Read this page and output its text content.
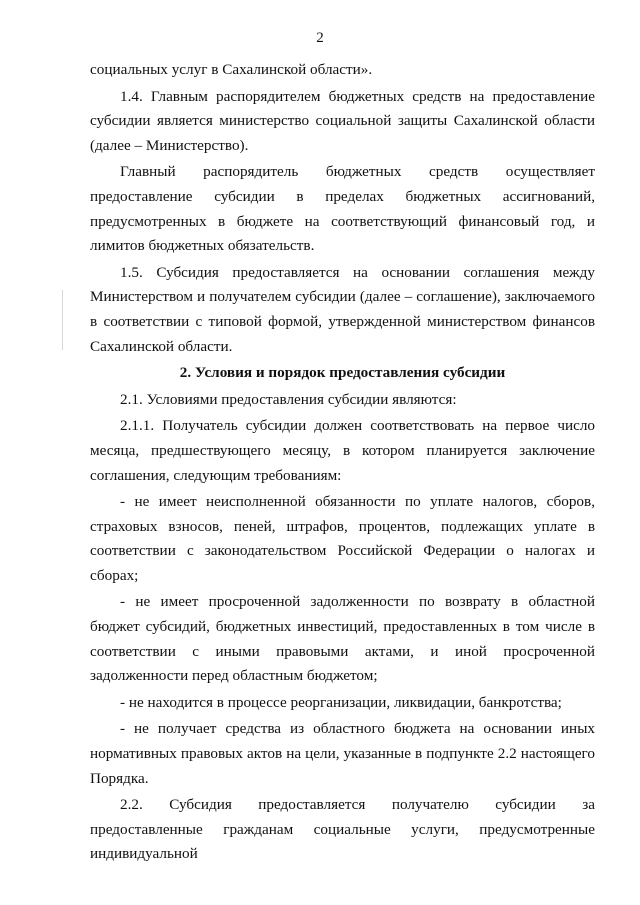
2

социальных услуг в Сахалинской области».

1.4. Главным распорядителем бюджетных средств на предоставление субсидии является министерство социальной защиты Сахалинской области (далее – Министерство).

Главный распорядитель бюджетных средств осуществляет предоставление субсидии в пределах бюджетных ассигнований, предусмотренных в бюджете на соответствующий финансовый год, и лимитов бюджетных обязательств.

1.5. Субсидия предоставляется на основании соглашения между Министерством и получателем субсидии (далее – соглашение), заключаемого в соответствии с типовой формой, утвержденной министерством финансов Сахалинской области.

2. Условия и порядок предоставления субсидии

2.1. Условиями предоставления субсидии являются:

2.1.1. Получатель субсидии должен соответствовать на первое число месяца, предшествующего месяцу, в котором планируется заключение соглашения, следующим требованиям:

- не имеет неисполненной обязанности по уплате налогов, сборов, страховых взносов, пеней, штрафов, процентов, подлежащих уплате в соответствии с законодательством Российской Федерации о налогах и сборах;

- не имеет просроченной задолженности по возврату в областной бюджет субсидий, бюджетных инвестиций, предоставленных в том числе в соответствии с иными правовыми актами, и иной просроченной задолженности перед областным бюджетом;

- не находится в процессе реорганизации, ликвидации, банкротства;

- не получает средства из областного бюджета на основании иных нормативных правовых актов на цели, указанные в подпункте 2.2 настоящего Порядка.

2.2. Субсидия предоставляется получателю субсидии за предоставленные гражданам социальные услуги, предусмотренные индивидуальной
